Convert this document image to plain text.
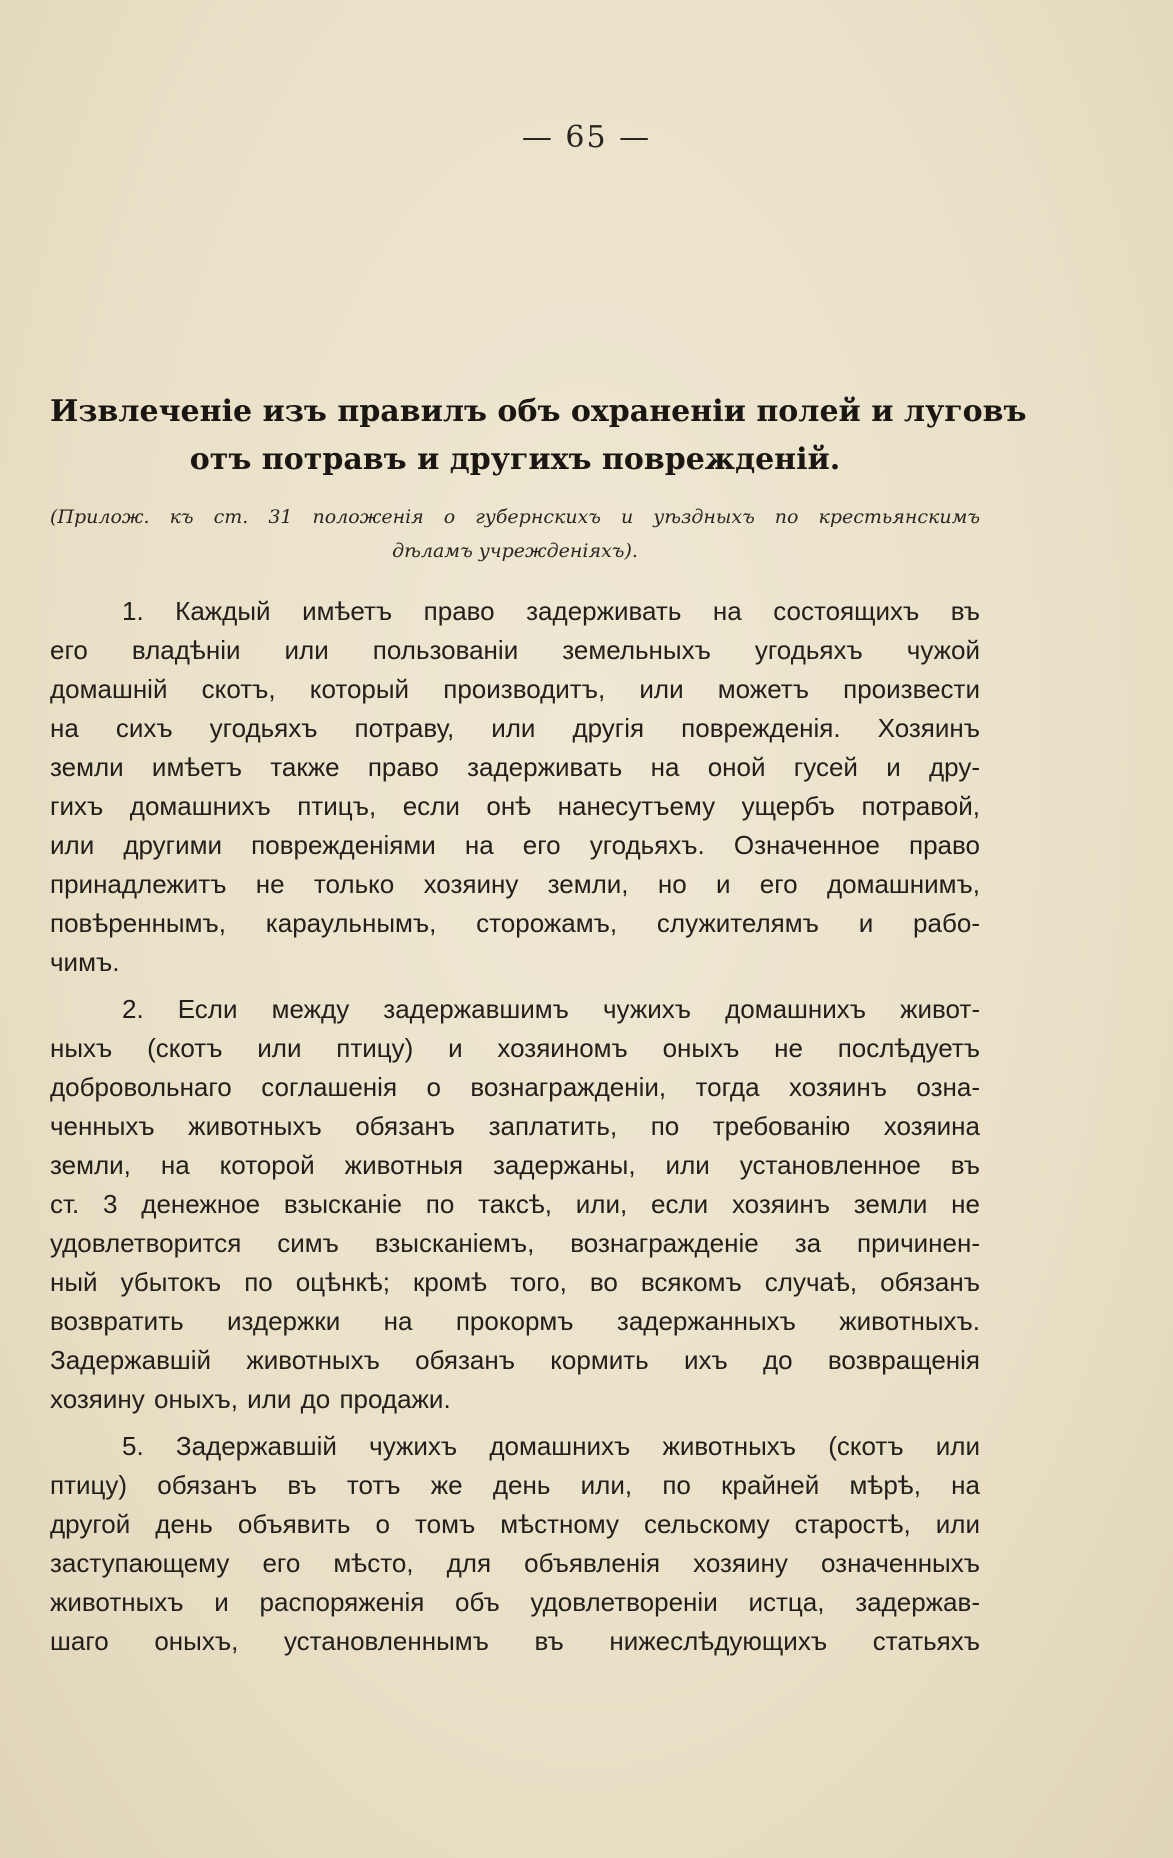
— 65 —
Извлеченіе изъ правилъ объ охраненіи полей и луговъ
отъ потравъ и другихъ поврежденій.
(Прилож. къ ст. 31 положенія о губернскихъ и уѣздныхъ по крестьянскимъ
дѣламъ учрежденіяхъ).
1. Каждый имѣетъ право задерживать на состоящихъ въ
его владѣніи или пользованіи земельныхъ угодьяхъ чужой
домашній скотъ, который производитъ, или можетъ произвести
на сихъ угодьяхъ потраву, или другія поврежденія. Хозяинъ
земли имѣетъ также право задерживать на оной гусей и дру-
гихъ домашнихъ птицъ, если онѣ нанесутъему ущербъ потравой,
или другими поврежденіями на его угодьяхъ. Означенное право
принадлежитъ не только хозяину земли, но и его домашнимъ,
повѣреннымъ, караульнымъ, сторожамъ, служителямъ и рабо-
чимъ.
2. Если между задержавшимъ чужихъ домашнихъ живот-
ныхъ (скотъ или птицу) и хозяиномъ оныхъ не послѣдуетъ
добровольнаго соглашенія о вознагражденіи, тогда хозяинъ озна-
ченныхъ животныхъ обязанъ заплатить, по требованію хозяина
земли, на которой животныя задержаны, или установленное въ
ст. 3 денежное взысканіе по таксѣ, или, если хозяинъ земли не
удовлетворится симъ взысканіемъ, вознагражденіе за причинен-
ный убытокъ по оцѣнкѣ; кромѣ того, во всякомъ случаѣ, обязанъ
возвратить издержки на прокормъ задержанныхъ животныхъ.
Задержавшій животныхъ обязанъ кормить ихъ до возвращенія
хозяину оныхъ, или до продажи.
5. Задержавшій чужихъ домашнихъ животныхъ (скотъ или
птицу) обязанъ въ тотъ же день или, по крайней мѣрѣ, на
другой день объявить о томъ мѣстному сельскому старостѣ, или
заступающему его мѣсто, для объявленія хозяину означенныхъ
животныхъ и распоряженія объ удовлетвореніи истца, задержав-
шаго оныхъ, установленнымъ въ нижеслѣдующихъ статьяхъ
